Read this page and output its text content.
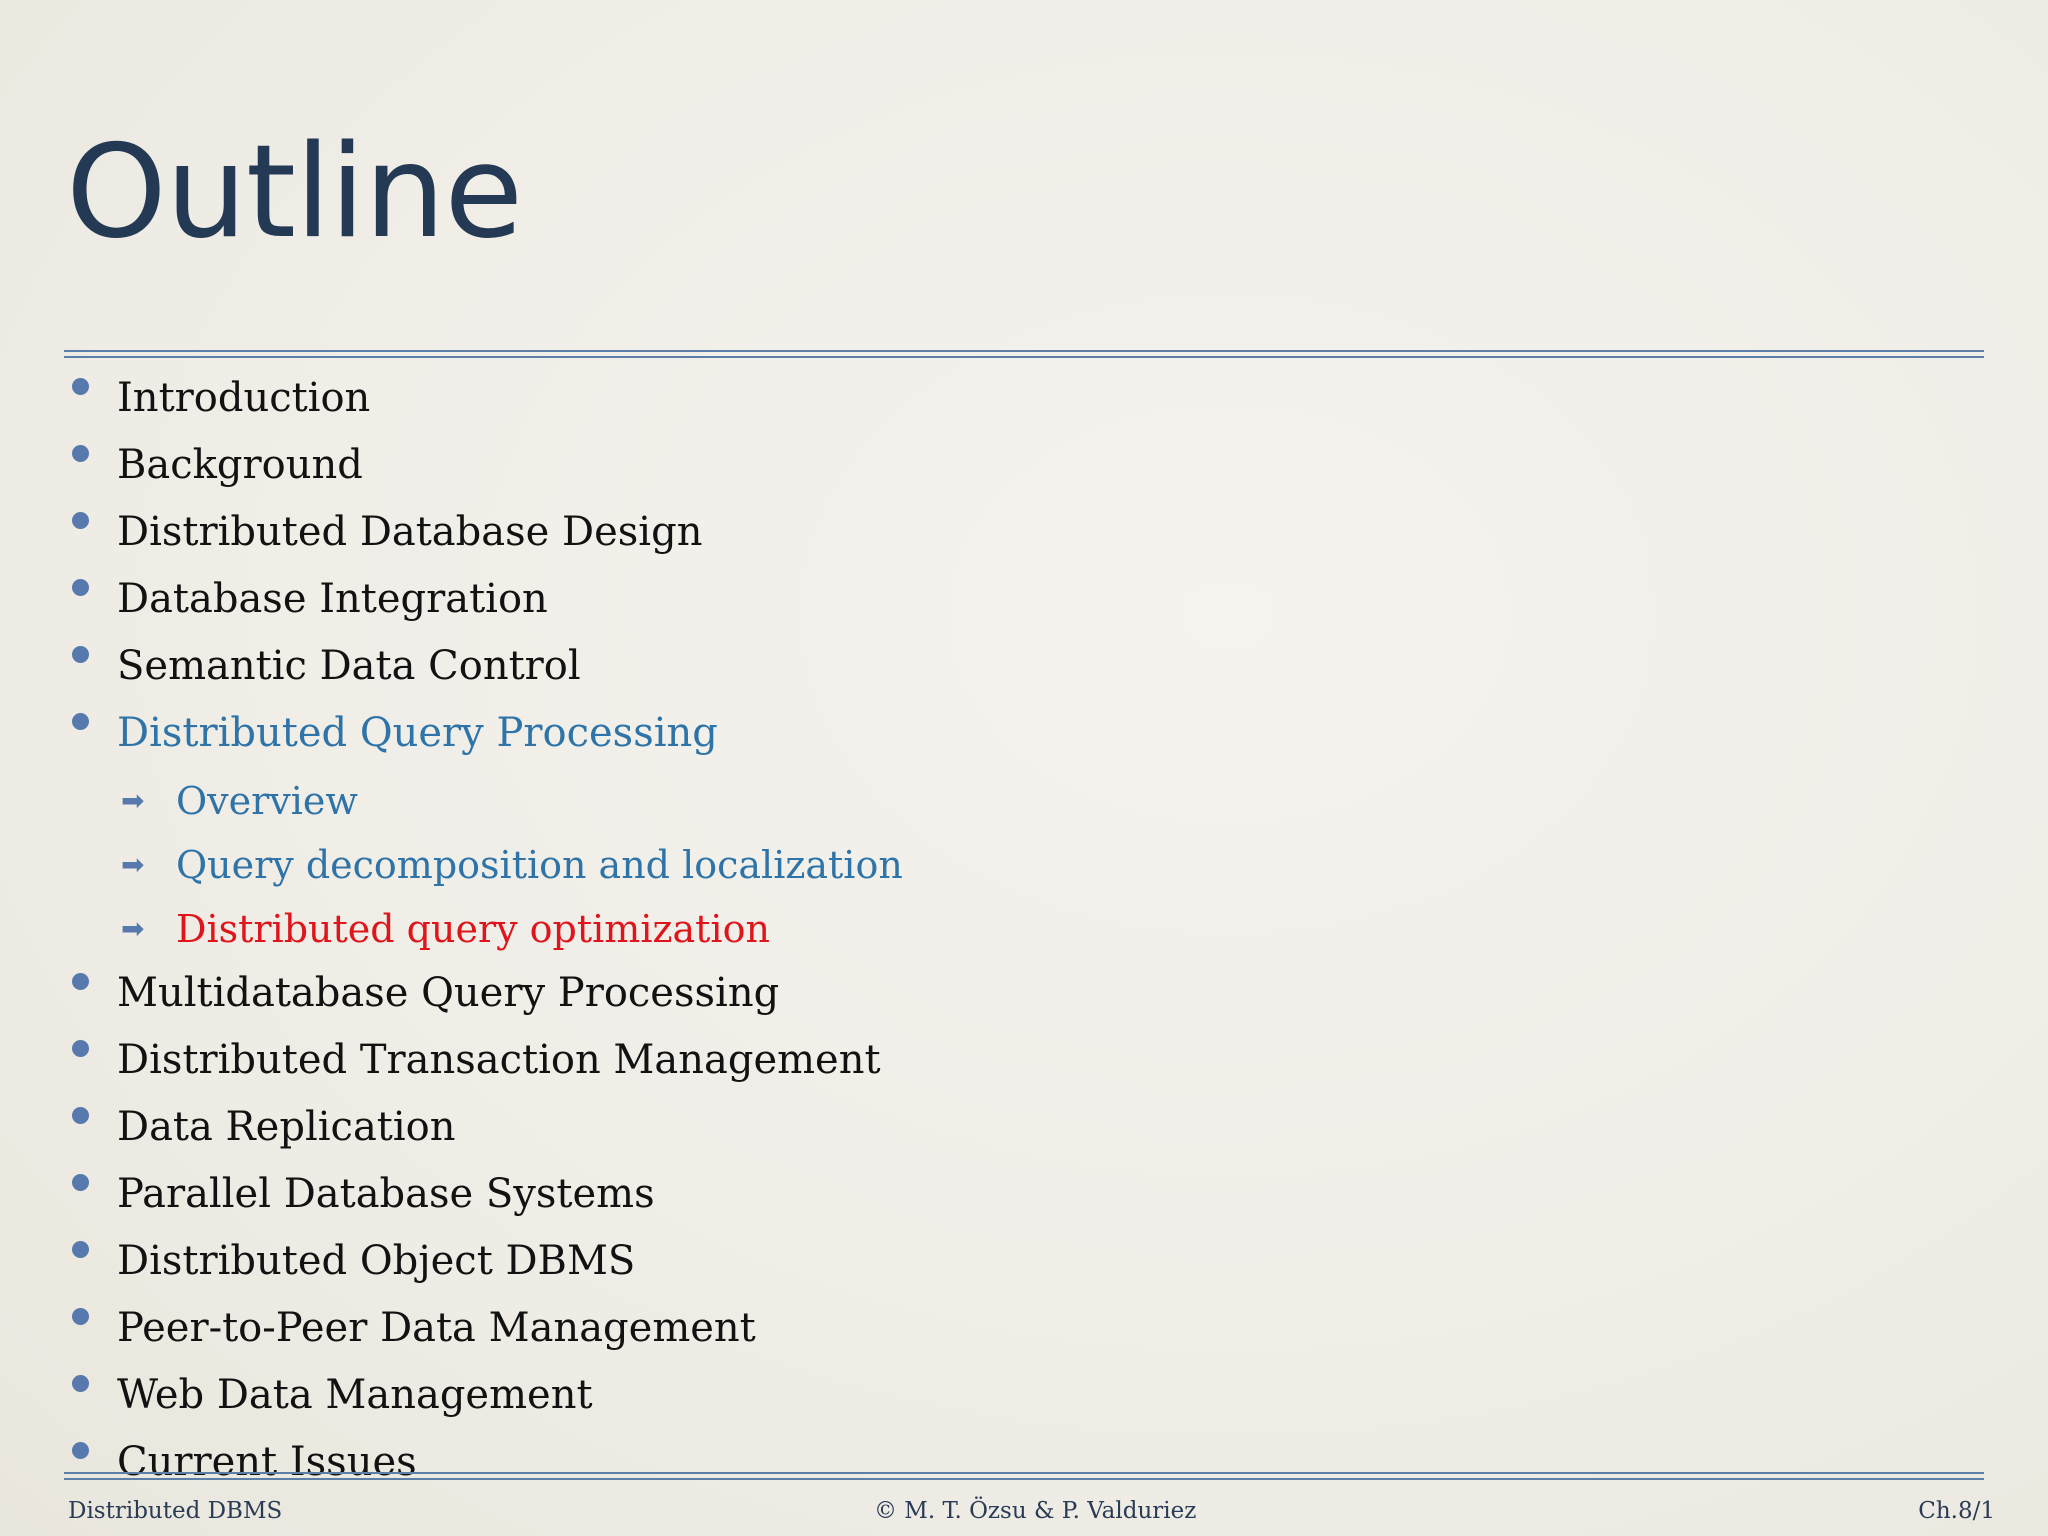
Outline
Introduction
Background
Distributed Database Design
Database Integration
Semantic Data Control
Distributed Query Processing
➡ Overview
➡ Query decomposition and localization
➡ Distributed query optimization
Multidatabase Query Processing
Distributed Transaction Management
Data Replication
Parallel Database Systems
Distributed Object DBMS
Peer-to-Peer Data Management
Web Data Management
Current Issues
Distributed DBMS	© M. T. Özsu & P. Valduriez	Ch.8/1
